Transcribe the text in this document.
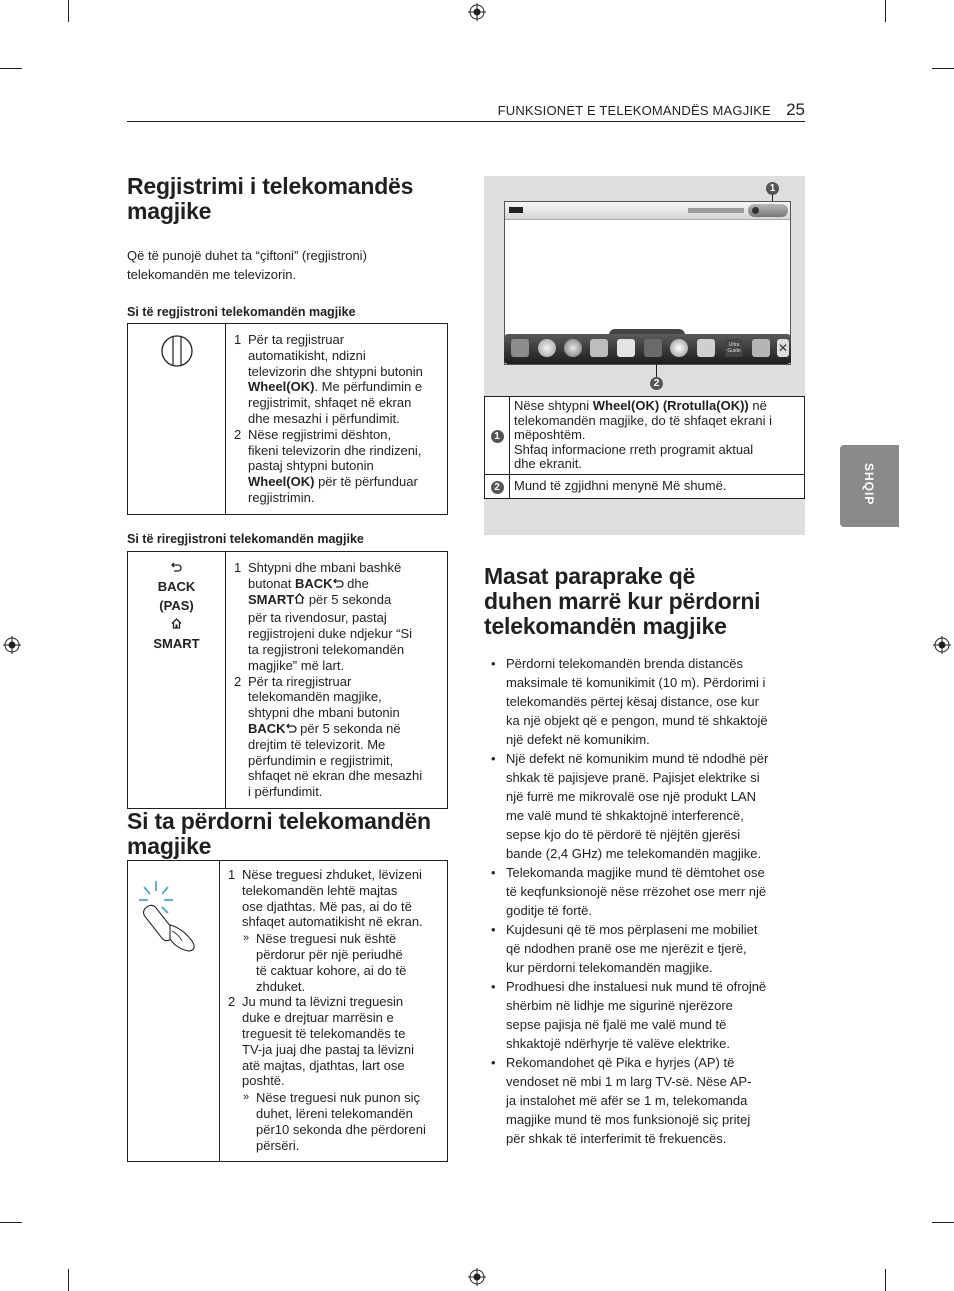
FUNKSIONET E TELEKOMANDËS MAGJIKE 25
SHQIP
Regjistrimi i telekomandës
magjike
Që të punojë duhet ta “çiftoni” (regjistroni)
telekomandën me televizorin.
Si të regjistroni telekomandën magjike

1 Për ta regjistruar
automatikisht, ndizni
televizorin dhe shtypni butonin
Wheel(OK). Me përfundimin e
regjistrimit, shfaqet në ekran
dhe mesazhi i përfundimit.
2 Nëse regjistrimi dështon,
fikeni televizorin dhe rindizeni,
pastaj shtypni butonin
Wheel(OK) për të përfunduar
regjistrimin.
Si të riregjistroni telekomandën magjike

BACK
(PAS)

SMART

1 Shtypni dhe mbani bashkë
butonat BACK dhe
SMART për 5 sekonda

për ta rivendosur, pastaj
regjistrojeni duke ndjekur “Si
ta regjistroni telekomandën
magjike” më lart.
2 Për ta riregjistruar
telekomandën magjike,
shtypni dhe mbani butonin
BACK për 5 sekonda në
drejtim të televizorit. Me
përfundimin e regjistrimit,
shfaqet në ekran dhe mesazhi
i përfundimit.
Si ta përdorni telekomandën
magjike

1 Nëse treguesi zhduket, lëvizeni
telekomandën lehtë majtas
ose djathtas. Më pas, ai do të
shfaqet automatikisht në ekran.
» Nëse treguesi nuk është
përdorur për një periudhë
të caktuar kohore, ai do të
zhduket.
2 Ju mund ta lëvizni treguesin
duke e drejtuar marrësin e
treguesit të telekomandës te
TV-ja juaj dhe pastaj ta lëvizni
atë majtas, djathtas, lart ose
poshtë.
» Nëse treguesi nuk punon siç
duhet, lëreni telekomandën
për10 sekonda dhe përdoreni
përsëri.
1
Ultra Guide	✕
2
1	Nëse shtypni Wheel(OK) (Rrotulla(OK)) në
telekomandën magjike, do të shfaqet ekrani i
mëposhtëm.
Shfaq informacione rreth programit aktual
dhe ekranit.
2	Mund të zgjidhni menynë Më shumë.
Masat paraprake që
duhen marrë kur përdorni
telekomandën magjike
• Përdorni telekomandën brenda distancës
maksimale të komunikimit (10 m). Përdorimi i
telekomandës përtej kësaj distance, ose kur
ka një objekt që e pengon, mund të shkaktojë
një defekt në komunikim.
• Një defekt në komunikim mund të ndodhë për
shkak të pajisjeve pranë. Pajisjet elektrike si
një furrë me mikrovalë ose një produkt LAN
me valë mund të shkaktojnë interferencë,
sepse kjo do të përdorë të njëjtën gjerësi
bande (2,4 GHz) me telekomandën magjike.
• Telekomanda magjike mund të dëmtohet ose
të keqfunksionojë nëse rrëzohet ose merr një
goditje të fortë.
• Kujdesuni që të mos përplaseni me mobiliet
që ndodhen pranë ose me njerëzit e tjerë,
kur përdorni telekomandën magjike.
• Prodhuesi dhe instaluesi nuk mund të ofrojnë
shërbim në lidhje me sigurinë njerëzore
sepse pajisja në fjalë me valë mund të
shkaktojë ndërhyrje të valëve elektrike.
• Rekomandohet që Pika e hyrjes (AP) të
vendoset në mbi 1 m larg TV-së. Nëse AP-
ja instalohet më afër se 1 m, telekomanda
magjike mund të mos funksionojë siç pritej
për shkak të interferimit të frekuencës.
